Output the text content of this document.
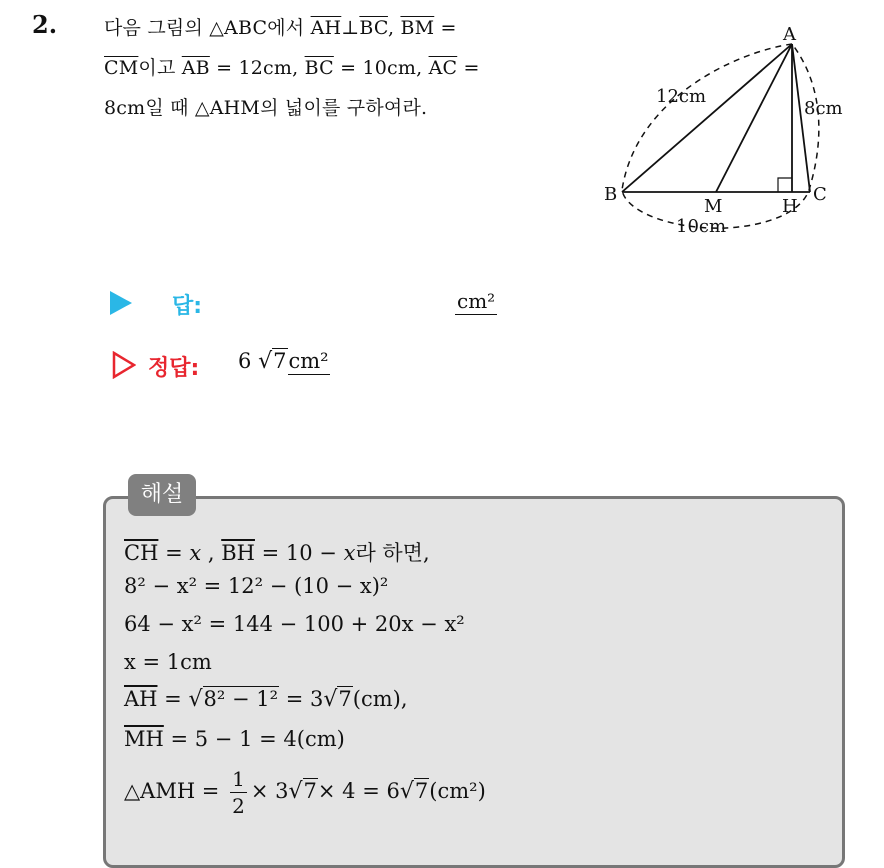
2. 다음 그림의 △ABC에서 $\overline{AH}\perp\overline{BC}$, $\overline{BM}$ =
$\overline{CM}$이고 $\overline{AB} = 12cm$, $\overline{BC} = 10cm$, $\overline{AC}$ =
8cm일 때 △AHM의 넓이를 구하여라.
A
B	C
M	H
12cm
8cm
10cm
답:	cm²
정답: 6 √7cm²
해설
$\overline{CH} = x$ , $\overline{BH} = 10 - x$라 하면,
8² − x² = 12² − (10 − x)²
64 − x² = 144 − 100 + 20x − x²
x = 1cm
$\overline{AH} = √8^2 - 1^2 = 3√7(cm)$,
$\overline{MH} = 5 - 1 = 4(cm)$
△AMH = $\frac{1}{2} \times 3√7\times 4 = 6√7(cm^2)$
